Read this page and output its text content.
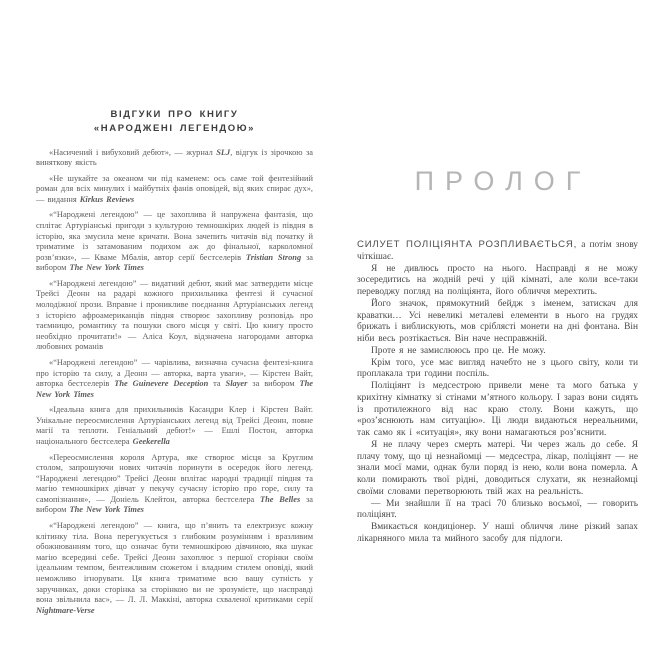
ВІДГУКИ ПРО КНИГУ
«НАРОДЖЕНІ ЛЕГЕНДОЮ»

«Насичений і вибуховий дебют», — журнал SLJ, відгук із зірочкою за виняткову якість

«Не шукайте за океаном чи під каменем: ось саме той фентезійний роман для всіх минулих і майбутніх фанів оповідей, від яких спирає дух», — видання Kirkus Reviews

«“Народжені легендою” — це захоплива й напружена фантазія, що сплітає Артуріанські пригоди з культурою темношкірих людей із півдня в історію, яка змусила мене кричати. Вона зачепить читачів від початку й триматиме із затамованим подихом аж до фінальної, карколомної розв’язки», — Кваме Мбалія, автор серії бестселерів Tristian Strong за вибором The New York Times

«“Народжені легендою” — видатний дебют, який має затвердити місце Трейсі Деонн на радарі кожного прихильника фентезі й сучасної молодіжної прози. Вправне і проникливе поєднання Артуріанських легенд з історією афроамериканців півдня створює захопливу розповідь про таємницю, романтику та пошуки свого місця у світі. Цю книгу просто необхідно прочитати!» — Аліса Коул, відзначена нагородами авторка любовних романів

«“Народжені легендою” — чарівлива, визначна сучасна фентезі-книга про історію та силу, а Деонн — авторка, варта уваги», — Кірстен Вайт, авторка бестселерів The Guinevere Deception та Slayer за вибором The New York Times

«Ідеальна книга для прихильників Касандри Клер і Кірстен Вайт. Унікальне переосмислення Артуріанських легенд від Трейсі Деонн, повне магії та теплоти. Геніальний дебют!» — Ешлі Постон, авторка національного бестселера Geekerella

«Переосмислення короля Артура, яке створює місця за Круглим столом, запрошуючи нових читачів поринути в осередок його легенд. “Народжені легендою” Трейсі Деонн вплітає народні традиції півдня та магію темношкірих дівчат у пекучу сучасну історію про горе, силу та самопізнання», — Доніель Клейтон, авторка бестселера The Belles за вибором The New York Times

«“Народжені легендою” — книга, що п’янить та електризує кожну клітинку тіла. Вона перегукується з глибоким розумінням і вразливим обожнюванням того, що означає бути темношкірою дівчиною, яка шукає магію всередині себе. Трейсі Деонн захоплює з першої сторінки своїм ідеальним темпом, бентежливим сюжетом і владним стилем оповіді, який неможливо ігнорувати. Ця книга триматиме всю вашу сутність у заручниках, доки сторінка за сторінкою ви не зрозумієте, що насправді вона звільнила вас», — Л. Л. Маккіні, авторка схваленої критиками серії Nightmare-Verse

ПРОЛОГ

СИЛУЕТ ПОЛІЦІЯНТА РОЗПЛИВАЄТЬСЯ, а потім знову чіткішає.

Я не дивлюсь просто на нього. Насправді я не можу зосередитись на жодній речі у цій кімнаті, але коли все-таки переводжу погляд на поліціянта, його обличчя мерехтить.

Його значок, прямокутний бейдж з іменем, затискач для краватки… Усі невеликі металеві елементи в нього на грудях брижать і виблискують, мов сріблясті монети на дні фонтана. Він ніби весь розтікається. Він наче несправжній.

Проте я не замислююсь про це. Не можу.

Крім того, усе має вигляд начебто не з цього світу, коли ти проплакала три години поспіль.

Поліціянт із медсестрою привели мене та мого батька у крихітну кімнатку зі стінами м’ятного кольору. І зараз вони сидять із протилежного від нас краю столу. Вони кажуть, що «роз’яснюють нам ситуацію». Ці люди видаються нереальними, так само як і «ситуація», яку вони намагаються роз’яснити.

Я не плачу через смерть матері. Чи через жаль до себе. Я плачу тому, що ці незнайомці — медсестра, лікар, поліціянт — не знали моєї мами, однак були поряд із нею, коли вона померла. А коли помирають твої рідні, доводиться слухати, як незнайомці своїми словами перетворюють твій жах на реальність.

— Ми знайшли її на трасі 70 близько восьмої, — говорить поліціянт.

Вмикається кондиціонер. У наші обличчя лине різкий запах лікарняного мила та мийного засобу для підлоги.
